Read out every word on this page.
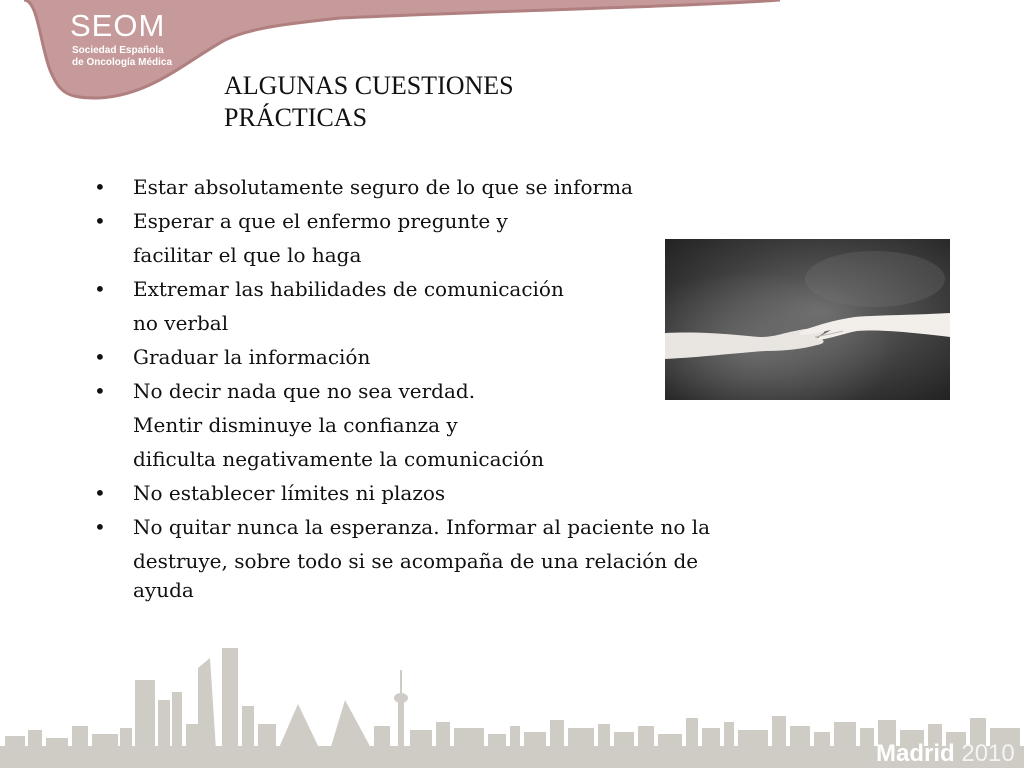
SEOM
Sociedad Española
de Oncología Médica
ALGUNAS CUESTIONES
PRÁCTICAS
• Estar absolutamente seguro de lo que se informa
• Esperar a que el enfermo pregunte y
facilitar el que lo haga
• Extremar las habilidades de comunicación
no verbal
• Graduar la información
• No decir nada que no sea verdad.
Mentir disminuye la confianza y
dificulta negativamente la comunicación
• No establecer límites ni plazos
• No quitar nunca la esperanza. Informar al paciente no la
destruye, sobre todo si se acompaña de una relación de
ayuda
Madrid 2010
